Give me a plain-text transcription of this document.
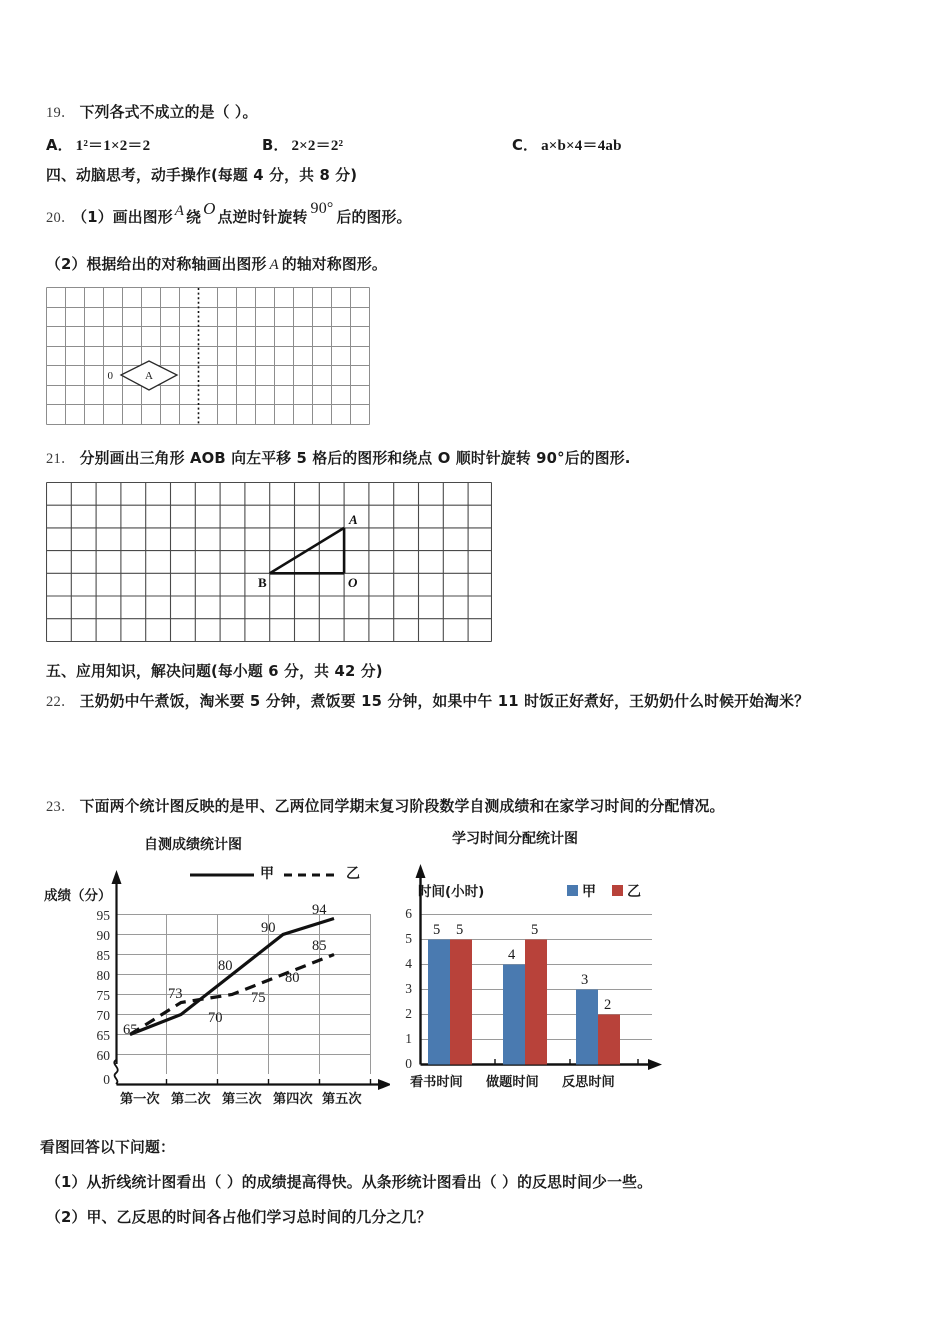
19． 下列各式不成立的是（ ）。
A． 1²＝1×2＝2	B． 2×2＝2²	C． a×b×4＝4ab
四、动脑思考，动手操作(每题 4 分，共 8 分)
20． （1）画出图形 A 绕 O 点逆时针旋转90°后的图形。
（2）根据给出的对称轴画出图形 A 的轴对称图形。
0	A
21． 分别画出三角形 AOB 向左平移 5 格后的图形和绕点 O 顺时针旋转 90°后的图形.
A
B	O
五、应用知识，解决问题(每小题 6 分，共 42 分)
22． 王奶奶中午煮饭，淘米要 5 分钟，煮饭要 15 分钟，如果中午 11 时饭正好煮好，王奶奶什么时候开始淘米？
23． 下面两个统计图反映的是甲、乙两位同学期末复习阶段数学自测成绩和在家学习时间的分配情况。
自测成绩统计图
成绩（分）
甲	乙
95
90
85
80
75
70
65
60
0
65
70
80
90
94
73	75
80
85
第一次 第二次 第三次 第四次 第五次
学习时间分配统计图
时间(小时)	甲 乙
6
5
4
3
2
1
0
5 5
4
5
3
2
看书时间 做题时间 反思时间
看图回答以下问题：
（1）从折线统计图看出（ ）的成绩提高得快。从条形统计图看出（ ）的反思时间少一些。
（2）甲、乙反思的时间各占他们学习总时间的几分之几？
